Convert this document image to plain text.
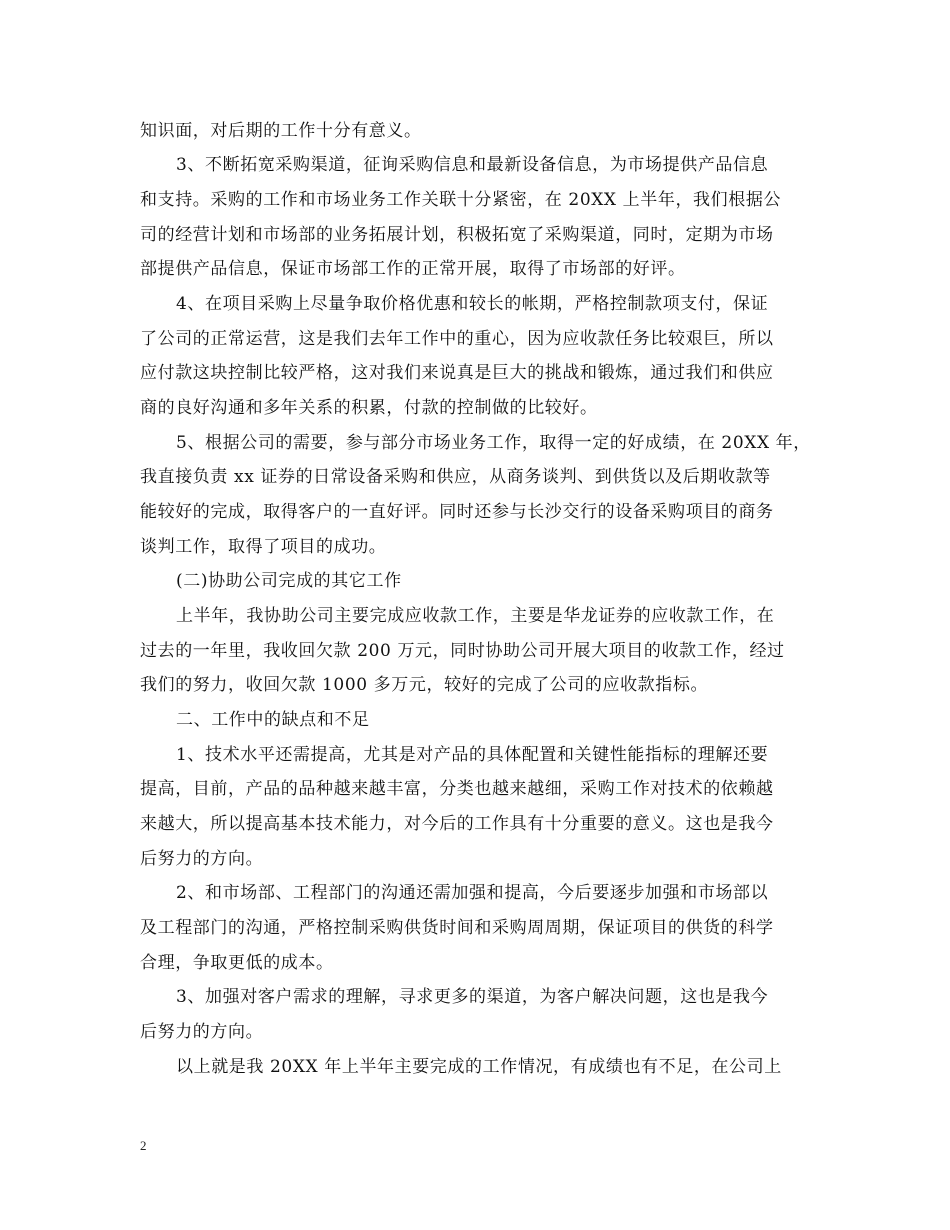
知识面，对后期的工作十分有意义。
3、不断拓宽采购渠道，征询采购信息和最新设备信息，为市场提供产品信息
和支持。采购的工作和市场业务工作关联十分紧密，在 20XX 上半年，我们根据公
司的经营计划和市场部的业务拓展计划，积极拓宽了采购渠道，同时，定期为市场
部提供产品信息，保证市场部工作的正常开展，取得了市场部的好评。
4、在项目采购上尽量争取价格优惠和较长的帐期，严格控制款项支付，保证
了公司的正常运营，这是我们去年工作中的重心，因为应收款任务比较艰巨，所以
应付款这块控制比较严格，这对我们来说真是巨大的挑战和锻炼，通过我们和供应
商的良好沟通和多年关系的积累，付款的控制做的比较好。
5、根据公司的需要，参与部分市场业务工作，取得一定的好成绩，在 20XX 年，
我直接负责 xx 证券的日常设备采购和供应，从商务谈判、到供货以及后期收款等
能较好的完成，取得客户的一直好评。同时还参与长沙交行的设备采购项目的商务
谈判工作，取得了项目的成功。
(二)协助公司完成的其它工作
上半年，我协助公司主要完成应收款工作，主要是华龙证券的应收款工作，在
过去的一年里，我收回欠款 200 万元，同时协助公司开展大项目的收款工作，经过
我们的努力，收回欠款 1000 多万元，较好的完成了公司的应收款指标。
二、工作中的缺点和不足
1、技术水平还需提高，尤其是对产品的具体配置和关键性能指标的理解还要
提高，目前，产品的品种越来越丰富，分类也越来越细，采购工作对技术的依赖越
来越大，所以提高基本技术能力，对今后的工作具有十分重要的意义。这也是我今
后努力的方向。
2、和市场部、工程部门的沟通还需加强和提高，今后要逐步加强和市场部以
及工程部门的沟通，严格控制采购供货时间和采购周周期，保证项目的供货的科学
合理，争取更低的成本。
3、加强对客户需求的理解，寻求更多的渠道，为客户解决问题，这也是我今
后努力的方向。
以上就是我 20XX 年上半年主要完成的工作情况，有成绩也有不足，在公司上
2
